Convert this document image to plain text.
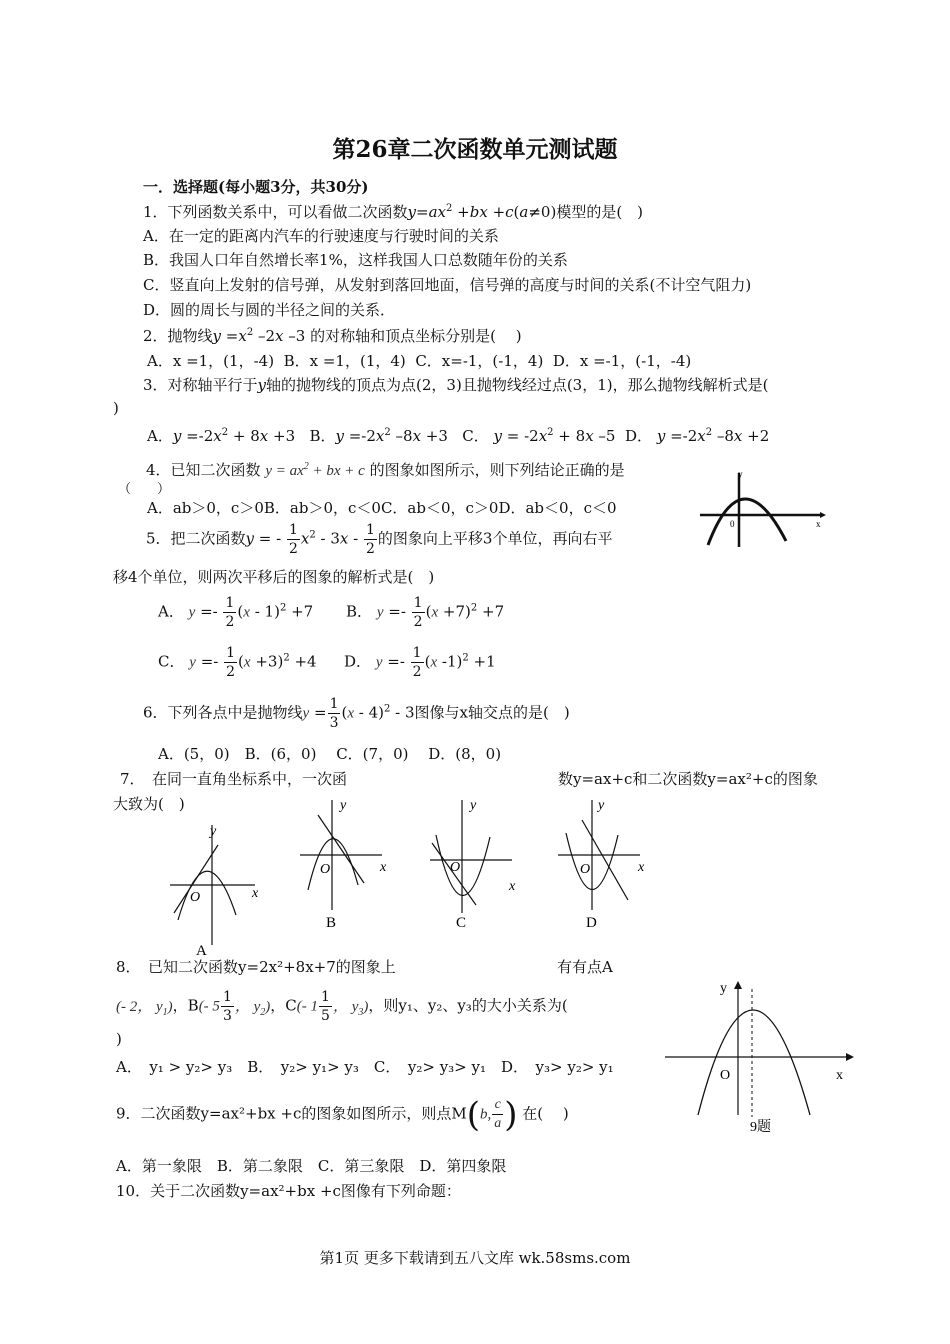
第26章二次函数单元测试题
一．选择题(每小题3分，共30分)
1．下列函数关系中，可以看做二次函数$y=ax^2 +bx +c(a\ne 0)$模型的是(　)
A．在一定的距离内汽车的行驶速度与行驶时间的关系
B．我国人口年自然增长率1%，这样我国人口总数随年份的关系
C．竖直向上发射的信号弹，从发射到落回地面，信号弹的高度与时间的关系(不计空气阻力)
D．圆的周长与圆的半径之间的关系．
2．抛物线$y =x^2$ –2x –3 的对称轴和顶点坐标分别是(　 )
A．x =1，(1，-4) B．x =1，(1，4) C．x=-1，(-1，4) D．x =-1，(-1，-4)
3．对称轴平行于y轴的抛物线的顶点为点(2，3)且抛物线经过点(3，1)，那么抛物线解析式是(
)
A．$y =-2x^2 + 8x +3$   B．$y =-2x^2$ –8x +3   C． $y = -2x^2 + 8x$ –5  D． $y =-2x^2$ –8x +2
4．已知二次函数 $y = ax^2$ + bx + c 的图象如图所示，则下列结论正确的是
（　　）
A．ab＞0，c＞0B．ab＞0，c＜0C．ab＜0，c＞0D．ab＜0，c＜0
0	x
y
5．把二次函数y = - $\frac{1}{2} x^2 - 3x - \frac{1}{2}$ 的图象向上平移3个单位，再向右平
移4个单位，则两次平移后的图象的解析式是(　)
A． $y =- \frac{1}{2} (x - 1)^2 +7$ B． $y =- \frac{1}{2} (x +7)^2 +7$
C． $y =- \frac{1}{2} (x +3)^2 +4$ D． $y =- \frac{1}{2} (x$ -1)$^2$ +1
6．下列各点中是抛物线$y = \frac{1}{3} (x - 4)^2 - 3$图像与x轴交点的是(　)
A．(5，0)　B．(6，0)　 C．(7，0)　 D．(8，0)
7．　在同一直角坐标系中，一次函	数y=ax+c和二次函数y=ax²+c的图象
大致为(　)
y
O	x
A
y
O	x
B
y
O
x
C
y
O	x
D
8．　已知二次函数y=2x²+8x+7的图象上	有有点A
(- 2， $y_1$)，B(- $5 \frac{1}{3}$ ， $y_2$)，C(- $1 \frac{1}{5}$ ， $y_3$)，则y₁、y₂、y₃的大小关系为(
)
A．　y₁ > y₂> y₃　B．　y₂> y₁> y₃　C．　y₂> y₃> y₁　D．　y₃> y₂> y₁
y
O	x
9题
9．二次函数y=ax²+bx +c的图象如图所示，则点M(b, $\frac{c}{a}$ ) 在(　 )
A．第一象限　B．第二象限　C．第三象限　D．第四象限
10．关于二次函数y=ax²+bx +c图像有下列命题：
第1页 更多下载请到五八文库 wk.58sms.com
